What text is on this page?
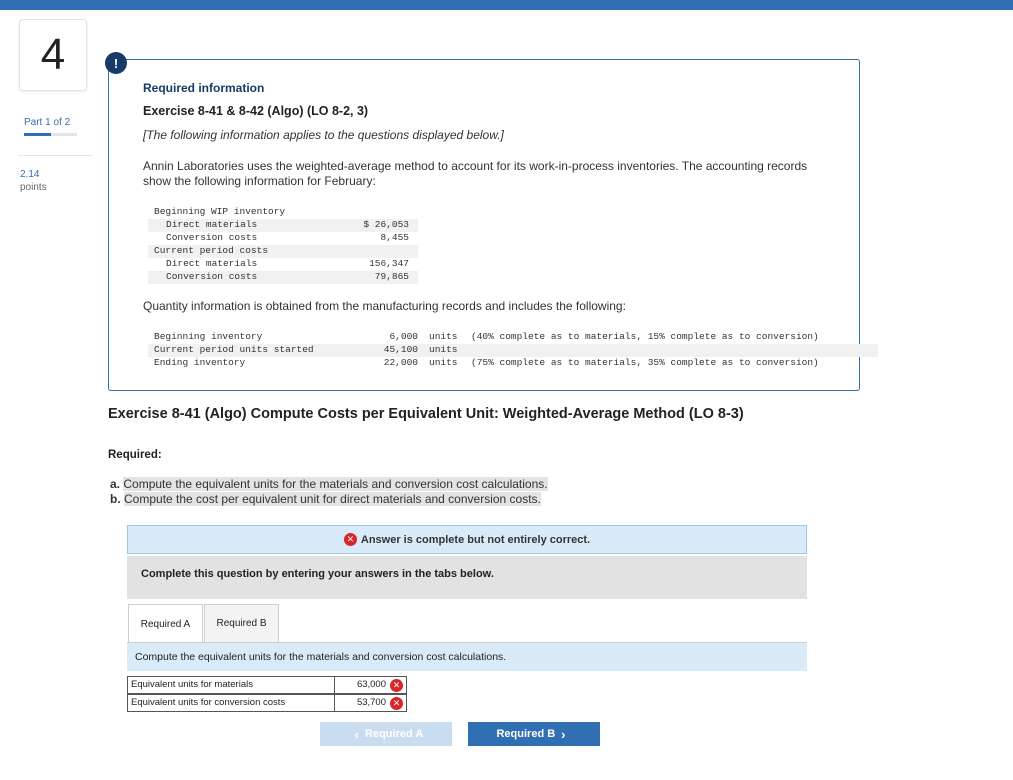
4
Part 1 of 2
2.14
points
!
Required information
Exercise 8-41 & 8-42 (Algo) (LO 8-2, 3)
[The following information applies to the questions displayed below.]
Annin Laboratories uses the weighted-average method to account for its work-in-process inventories. The accounting records show the following information for February:
Beginning WIP inventory
Direct materials	$ 26,053
Conversion costs	8,455
Current period costs
Direct materials	156,347
Conversion costs	79,865
Quantity information is obtained from the manufacturing records and includes the following:
Beginning inventory	6,000 units (40% complete as to materials, 15% complete as to conversion)
Current period units started	45,100 units
Ending inventory	22,000 units (75% complete as to materials, 35% complete as to conversion)
Exercise 8-41 (Algo) Compute Costs per Equivalent Unit: Weighted-Average Method (LO 8-3)
Required:
a. Compute the equivalent units for the materials and conversion cost calculations.
b. Compute the cost per equivalent unit for direct materials and conversion costs.
✕ Answer is complete but not entirely correct.
Complete this question by entering your answers in the tabs below.
Required A	Required B
Compute the equivalent units for the materials and conversion cost calculations.
Equivalent units for materials	63,000 ✕
Equivalent units for conversion costs	53,700 ✕
‹ Required A	Required B ›
